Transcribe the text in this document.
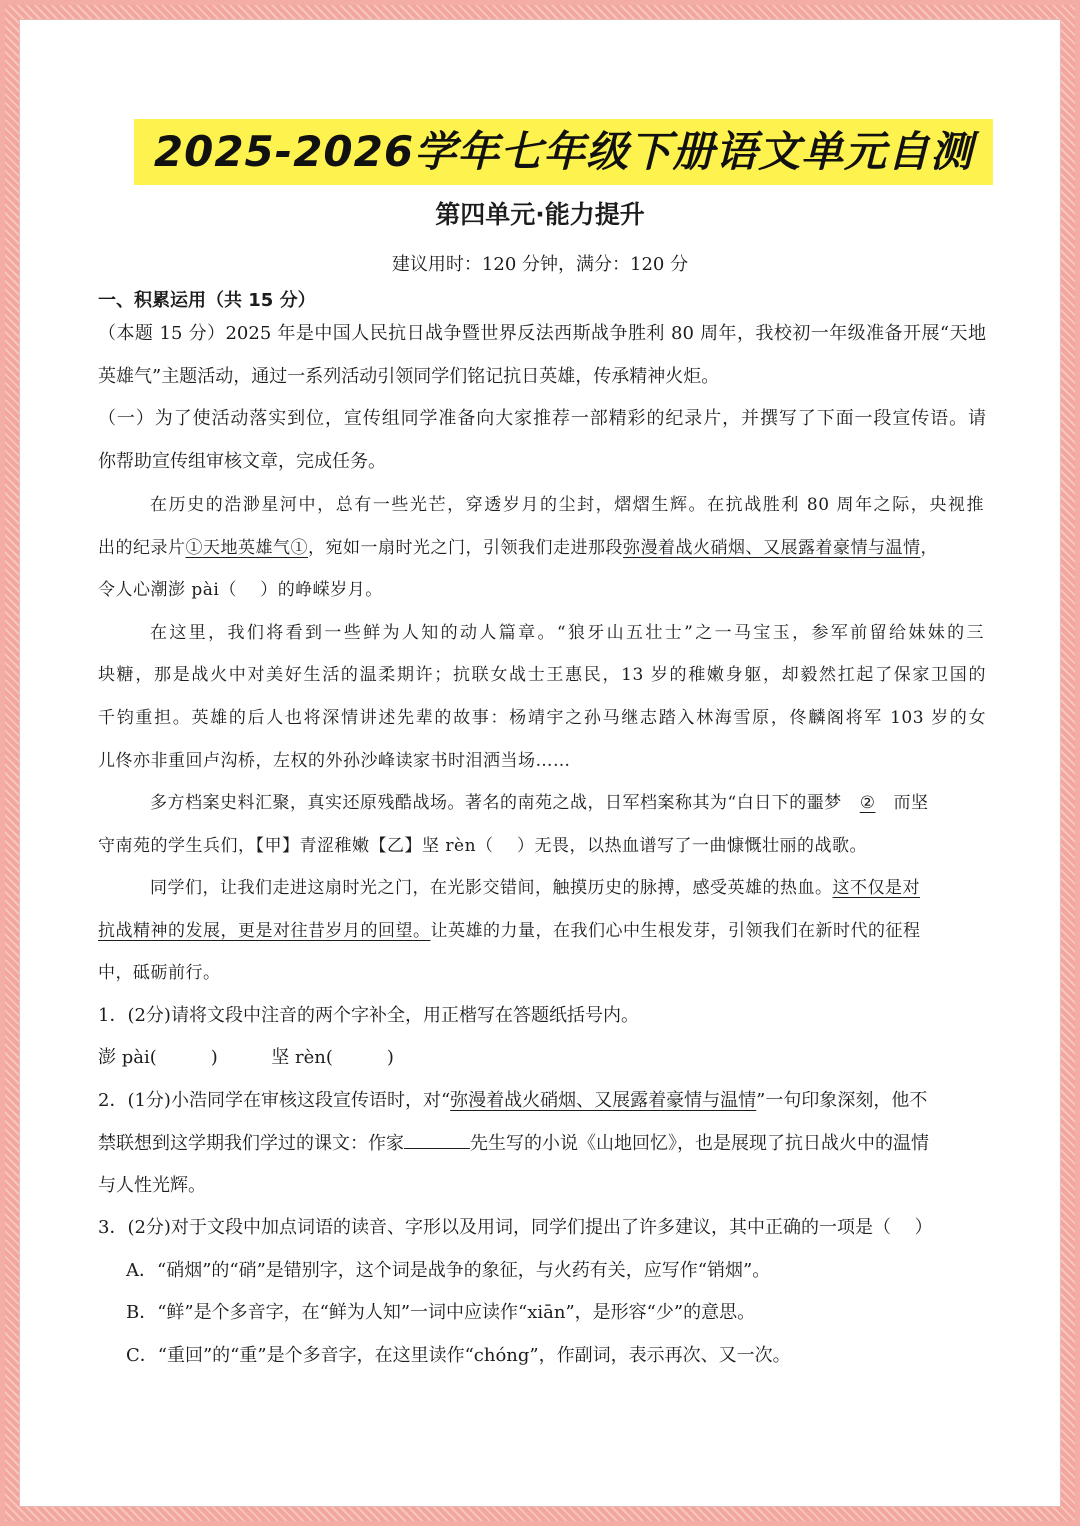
2025-2026学年七年级下册语文单元自测
第四单元·能力提升
建议用时：120 分钟，满分：120 分
一、积累运用（共 15 分）
（本题 15 分）2025 年是中国人民抗日战争暨世界反法西斯战争胜利 80 周年，我校初一年级准备开展“天地
英雄气”主题活动，通过一系列活动引领同学们铭记抗日英雄，传承精神火炬。
（一）为了使活动落实到位，宣传组同学准备向大家推荐一部精彩的纪录片，并撰写了下面一段宣传语。请
你帮助宣传组审核文章，完成任务。
在历史的浩渺星河中，总有一些光芒，穿透岁月的尘封，熠熠生辉。在抗战胜利 80 周年之际，央视推
出的纪录片①天地英雄气①，宛如一扇时光之门，引领我们走进那段弥漫着战火硝烟、又展露着豪情与温情，
令人心潮澎 pài（　 ）的峥嵘岁月。
在这里，我们将看到一些鲜为人知的动人篇章。“狼牙山五壮士”之一马宝玉，参军前留给妹妹的三
块糖，那是战火中对美好生活的温柔期许；抗联女战士王惠民，13 岁的稚嫩身躯，却毅然扛起了保家卫国的
千钧重担。英雄的后人也将深情讲述先辈的故事：杨靖宇之孙马继志踏入林海雪原，佟麟阁将军 103 岁的女
儿佟亦非重回卢沟桥，左权的外孙沙峰读家书时泪洒当场……
多方档案史料汇聚，真实还原残酷战场。著名的南苑之战，日军档案称其为“白日下的噩梦 ② 而坚
守南苑的学生兵们，【甲】青涩稚嫩【乙】坚 rèn（　 ）无畏，以热血谱写了一曲慷慨壮丽的战歌。
同学们，让我们走进这扇时光之门，在光影交错间，触摸历史的脉搏，感受英雄的热血。这不仅是对
抗战精神的发展，更是对往昔岁月的回望。让英雄的力量，在我们心中生根发芽，引领我们在新时代的征程
中，砥砺前行。
1．(2分)请将文段中注音的两个字补全，用正楷写在答题纸括号内。
澎 pài(　　　)	坚 rèn(　　　)
2．(1分)小浩同学在审核这段宣传语时，对“弥漫着战火硝烟、又展露着豪情与温情”一句印象深刻，他不
禁联想到这学期我们学过的课文：作家	先生写的小说《山地回忆》，也是展现了抗日战火中的温情
与人性光辉。
3．(2分)对于文段中加点词语的读音、字形以及用词，同学们提出了许多建议，其中正确的一项是（　 ）
A．“硝烟”的“硝”是错别字，这个词是战争的象征，与火药有关，应写作“销烟”。
B．“鲜”是个多音字，在“鲜为人知”一词中应读作“xiān”，是形容“少”的意思。
C．“重回”的“重”是个多音字，在这里读作“chóng”，作副词，表示再次、又一次。
